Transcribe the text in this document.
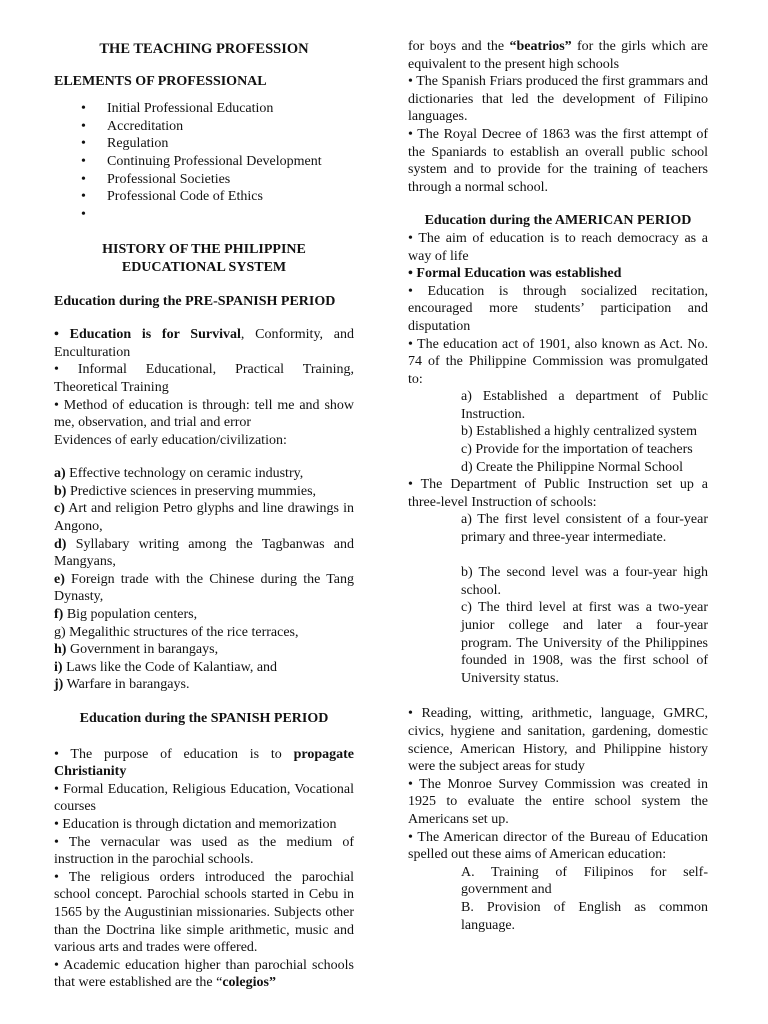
THE TEACHING PROFESSION

ELEMENTS OF PROFESSIONAL

• Initial Professional Education
• Accreditation
• Regulation
• Continuing Professional Development
• Professional Societies
• Professional Code of Ethics
•

HISTORY OF THE PHILIPPINE
EDUCATIONAL SYSTEM

Education during the PRE-SPANISH PERIOD

• Education is for Survival, Conformity, and Enculturation

• Informal Educational, Practical Training, Theoretical Training

• Method of education is through: tell me and show me, observation, and trial and error

Evidences of early education/civilization:

a) Effective technology on ceramic industry,

b) Predictive sciences in preserving mummies,

c) Art and religion Petro glyphs and line drawings in Angono,

d) Syllabary writing among the Tagbanwas and Mangyans,

e) Foreign trade with the Chinese during the Tang Dynasty,

f) Big population centers,

g) Megalithic structures of the rice terraces,

h) Government in barangays,

i) Laws like the Code of Kalantiaw, and

j) Warfare in barangays.

Education during the SPANISH PERIOD

• The purpose of education is to propagate Christianity

• Formal Education, Religious Education, Vocational courses

• Education is through dictation and memorization

• The vernacular was used as the medium of instruction in the parochial schools.

• The religious orders introduced the parochial school concept. Parochial schools started in Cebu in 1565 by the Augustinian missionaries. Subjects other than the Doctrina like simple arithmetic, music and various arts and trades were offered.

• Academic education higher than parochial schools that were established are the “colegios”

for boys and the “beatrios” for the girls which are equivalent to the present high schools

• The Spanish Friars produced the first grammars and dictionaries that led the development of Filipino languages.

• The Royal Decree of 1863 was the first attempt of the Spaniards to establish an overall public school system and to provide for the training of teachers through a normal school.

Education during the AMERICAN PERIOD

• The aim of education is to reach democracy as a way of life

• Formal Education was established

• Education is through socialized recitation, encouraged more students’ participation and disputation

• The education act of 1901, also known as Act. No. 74 of the Philippine Commission was promulgated to:

a) Established a department of Public Instruction.

b) Established a highly centralized system

c) Provide for the importation of teachers

d) Create the Philippine Normal School

• The Department of Public Instruction set up a three-level Instruction of schools:

a) The first level consistent of a four-year primary and three-year intermediate.

b) The second level was a four-year high school.

c) The third level at first was a two-year junior college and later a four-year program. The University of the Philippines founded in 1908, was the first school of University status.

• Reading, witting, arithmetic, language, GMRC, civics, hygiene and sanitation, gardening, domestic science, American History, and Philippine history were the subject areas for study

• The Monroe Survey Commission was created in 1925 to evaluate the entire school system the Americans set up.

• The American director of the Bureau of Education spelled out these aims of American education:

A. Training of Filipinos for self-government and

B. Provision of English as common language.
